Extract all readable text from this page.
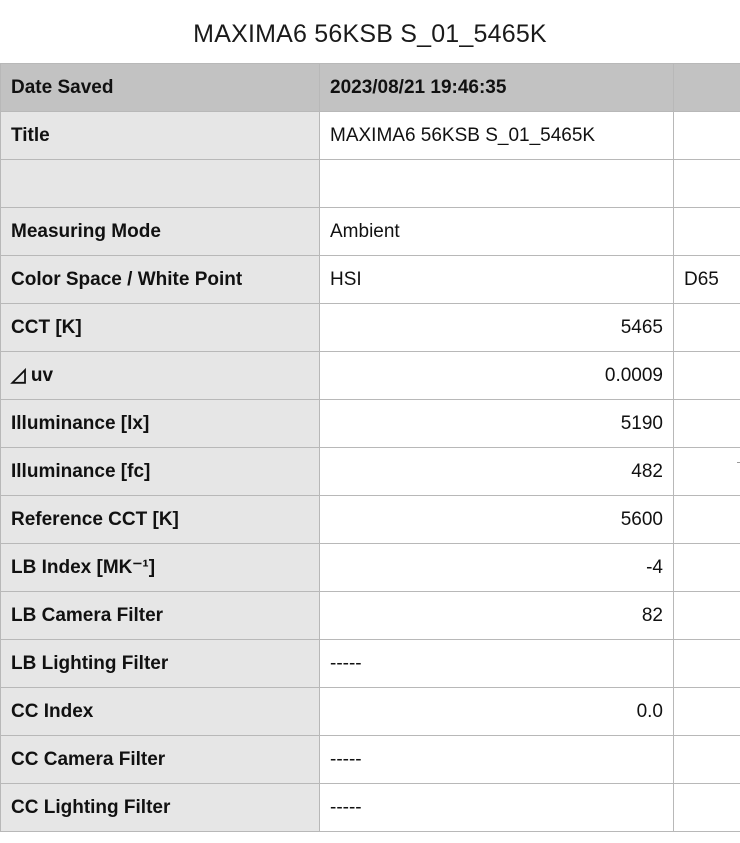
MAXIMA6 56KSB S_01_5465K
Date Saved	2023/08/21 19:46:35	
Title	MAXIMA6 56KSB S_01_5465K	

Measuring Mode	Ambient	
Color Space / White Point	HSI	D65
CCT [K]	5465	
◿ uv	0.0009	
Illuminance [lx]	5190	
Illuminance [fc]	482	
Reference CCT [K]	5600	
LB Index [MK⁻¹]	-4	
LB Camera Filter	82	
LB Lighting Filter	-----	
CC Index	0.0	
CC Camera Filter	-----	
CC Lighting Filter	-----	
